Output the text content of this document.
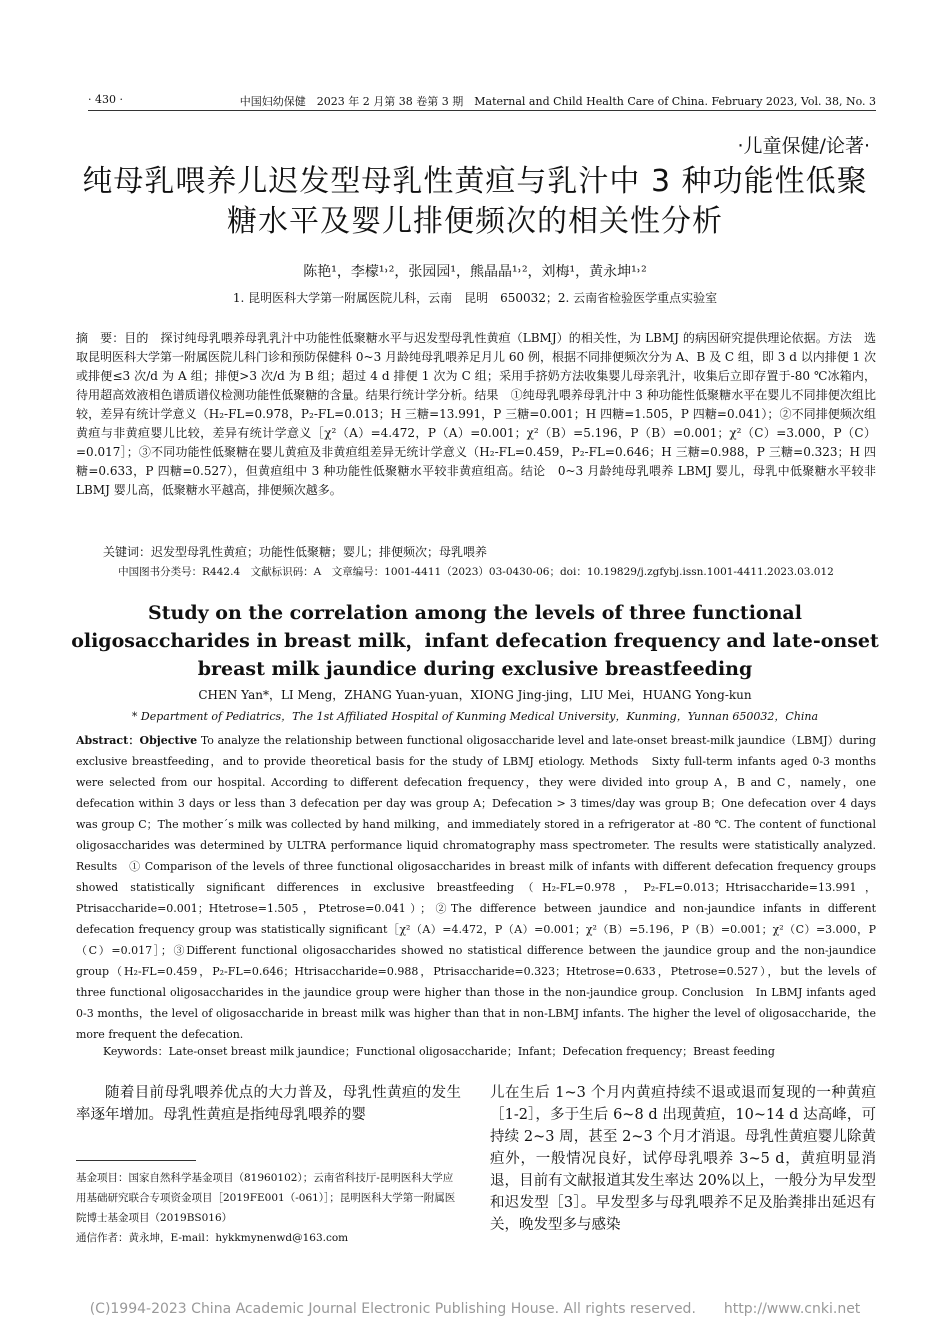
· 430 ·	中国妇幼保健　2023 年 2 月第 38 卷第 3 期　Maternal and Child Health Care of China. February 2023, Vol. 38, No. 3
·儿童保健/论著·
纯母乳喂养儿迟发型母乳性黄疸与乳汁中 3 种功能性低聚糖水平及婴儿排便频次的相关性分析
陈艳¹，李檬¹˒²，张园园¹，熊晶晶¹˒²，刘梅¹，黄永坤¹˒²
1. 昆明医科大学第一附属医院儿科，云南　昆明　650032；2. 云南省检验医学重点实验室
摘　要：目的　探讨纯母乳喂养母乳乳汁中功能性低聚糖水平与迟发型母乳性黄疸（LBMJ）的相关性，为 LBMJ 的病因研究提供理论依据。方法　选取昆明医科大学第一附属医院儿科门诊和预防保健科 0~3 月龄纯母乳喂养足月儿 60 例，根据不同排便频次分为 A、B 及 C 组，即 3 d 以内排便 1 次或排便≤3 次/d 为 A 组；排便>3 次/d 为 B 组；超过 4 d 排便 1 次为 C 组；采用手挤奶方法收集婴儿母亲乳汁，收集后立即存置于-80 ℃冰箱内，待用超高效液相色谱质谱仪检测功能性低聚糖的含量。结果行统计学分析。结果　①纯母乳喂养母乳汁中 3 种功能性低聚糖水平在婴儿不同排便次组比较，差异有统计学意义（H₂-FL=0.978，P₂-FL=0.013；H 三糖=13.991，P 三糖=0.001；H 四糖=1.505，P 四糖=0.041）；②不同排便频次组黄疸与非黄疸婴儿比较，差异有统计学意义［χ²（A）=4.472，P（A）=0.001；χ²（B）=5.196，P（B）=0.001；χ²（C）=3.000，P（C）=0.017］；③不同功能性低聚糖在婴儿黄疸及非黄疸组差异无统计学意义（H₂-FL=0.459，P₂-FL=0.646；H 三糖=0.988，P 三糖=0.323；H 四糖=0.633，P 四糖=0.527），但黄疸组中 3 种功能性低聚糖水平较非黄疸组高。结论　0~3 月龄纯母乳喂养 LBMJ 婴儿，母乳中低聚糖水平较非 LBMJ 婴儿高，低聚糖水平越高，排便频次越多。
关键词：迟发型母乳性黄疸；功能性低聚糖；婴儿；排便频次；母乳喂养
中国图书分类号：R442.4　文献标识码：A　文章编号：1001-4411（2023）03-0430-06；doi：10.19829/j.zgfybj.issn.1001-4411.2023.03.012
Study on the correlation among the levels of three functional oligosaccharides in breast milk，infant defecation frequency and late-onset breast milk jaundice during exclusive breastfeeding
CHEN Yan*，LI Meng，ZHANG Yuan-yuan，XIONG Jing-jing，LIU Mei，HUANG Yong-kun
* Department of Pediatrics，The 1st Affiliated Hospital of Kunming Medical University，Kunming，Yunnan 650032，China
Abstract：Objective To analyze the relationship between functional oligosaccharide level and late-onset breast-milk jaundice（LBMJ）during exclusive breastfeeding，and to provide theoretical basis for the study of LBMJ etiology. Methods　Sixty full-term infants aged 0-3 months were selected from our hospital. According to different defecation frequency，they were divided into group A，B and C，namely，one defecation within 3 days or less than 3 defecation per day was group A；Defecation > 3 times/day was group B；One defecation over 4 days was group C；The mother´s milk was collected by hand milking，and immediately stored in a refrigerator at -80 ℃. The content of functional oligosaccharides was determined by ULTRA performance liquid chromatography mass spectrometer. The results were statistically analyzed. Results　① Comparison of the levels of three functional oligosaccharides in breast milk of infants with different defecation frequency groups showed statistically significant differences in exclusive breastfeeding（H₂-FL=0.978，P₂-FL=0.013；Htrisaccharide=13.991，Ptrisaccharide=0.001；Htetrose=1.505，Ptetrose=0.041）；②The difference between jaundice and non-jaundice infants in different defecation frequency group was statistically significant［χ²（A）=4.472，P（A）=0.001；χ²（B）=5.196，P（B）=0.001；χ²（C）=3.000，P（C）=0.017］；③Different functional oligosaccharides showed no statistical difference between the jaundice group and the non-jaundice group（H₂-FL=0.459，P₂-FL=0.646；Htrisaccharide=0.988，Ptrisaccharide=0.323；Htetrose=0.633，Ptetrose=0.527），but the levels of three functional oligosaccharides in the jaundice group were higher than those in the non-jaundice group. Conclusion　In LBMJ infants aged 0-3 months，the level of oligosaccharide in breast milk was higher than that in non-LBMJ infants. The higher the level of oligosaccharide，the more frequent the defecation.
Keywords：Late-onset breast milk jaundice；Functional oligosaccharide；Infant；Defecation frequency；Breast feeding
随着目前母乳喂养优点的大力普及，母乳性黄疸的发生率逐年增加。母乳性黄疸是指纯母乳喂养的婴
儿在生后 1~3 个月内黄疸持续不退或退而复现的一种黄疸［1-2］，多于生后 6~8 d 出现黄疸，10~14 d 达高峰，可持续 2~3 周，甚至 2~3 个月才消退。母乳性黄疸婴儿除黄疸外，一般情况良好，试停母乳喂养 3~5 d，黄疸明显消退，目前有文献报道其发生率达 20%以上，一般分为早发型和迟发型［3］。早发型多与母乳喂养不足及胎粪排出延迟有关，晚发型多与感染
基金项目：国家自然科学基金项目（81960102）；云南省科技厅-昆明医科大学应用基础研究联合专项资金项目［2019FE001（-061）］；昆明医科大学第一附属医院博士基金项目（2019BS016）
通信作者：黄永坤，E-mail：hykkmynenwd@163.com
(C)1994-2023 China Academic Journal Electronic Publishing House. All rights reserved.　　http://www.cnki.net
